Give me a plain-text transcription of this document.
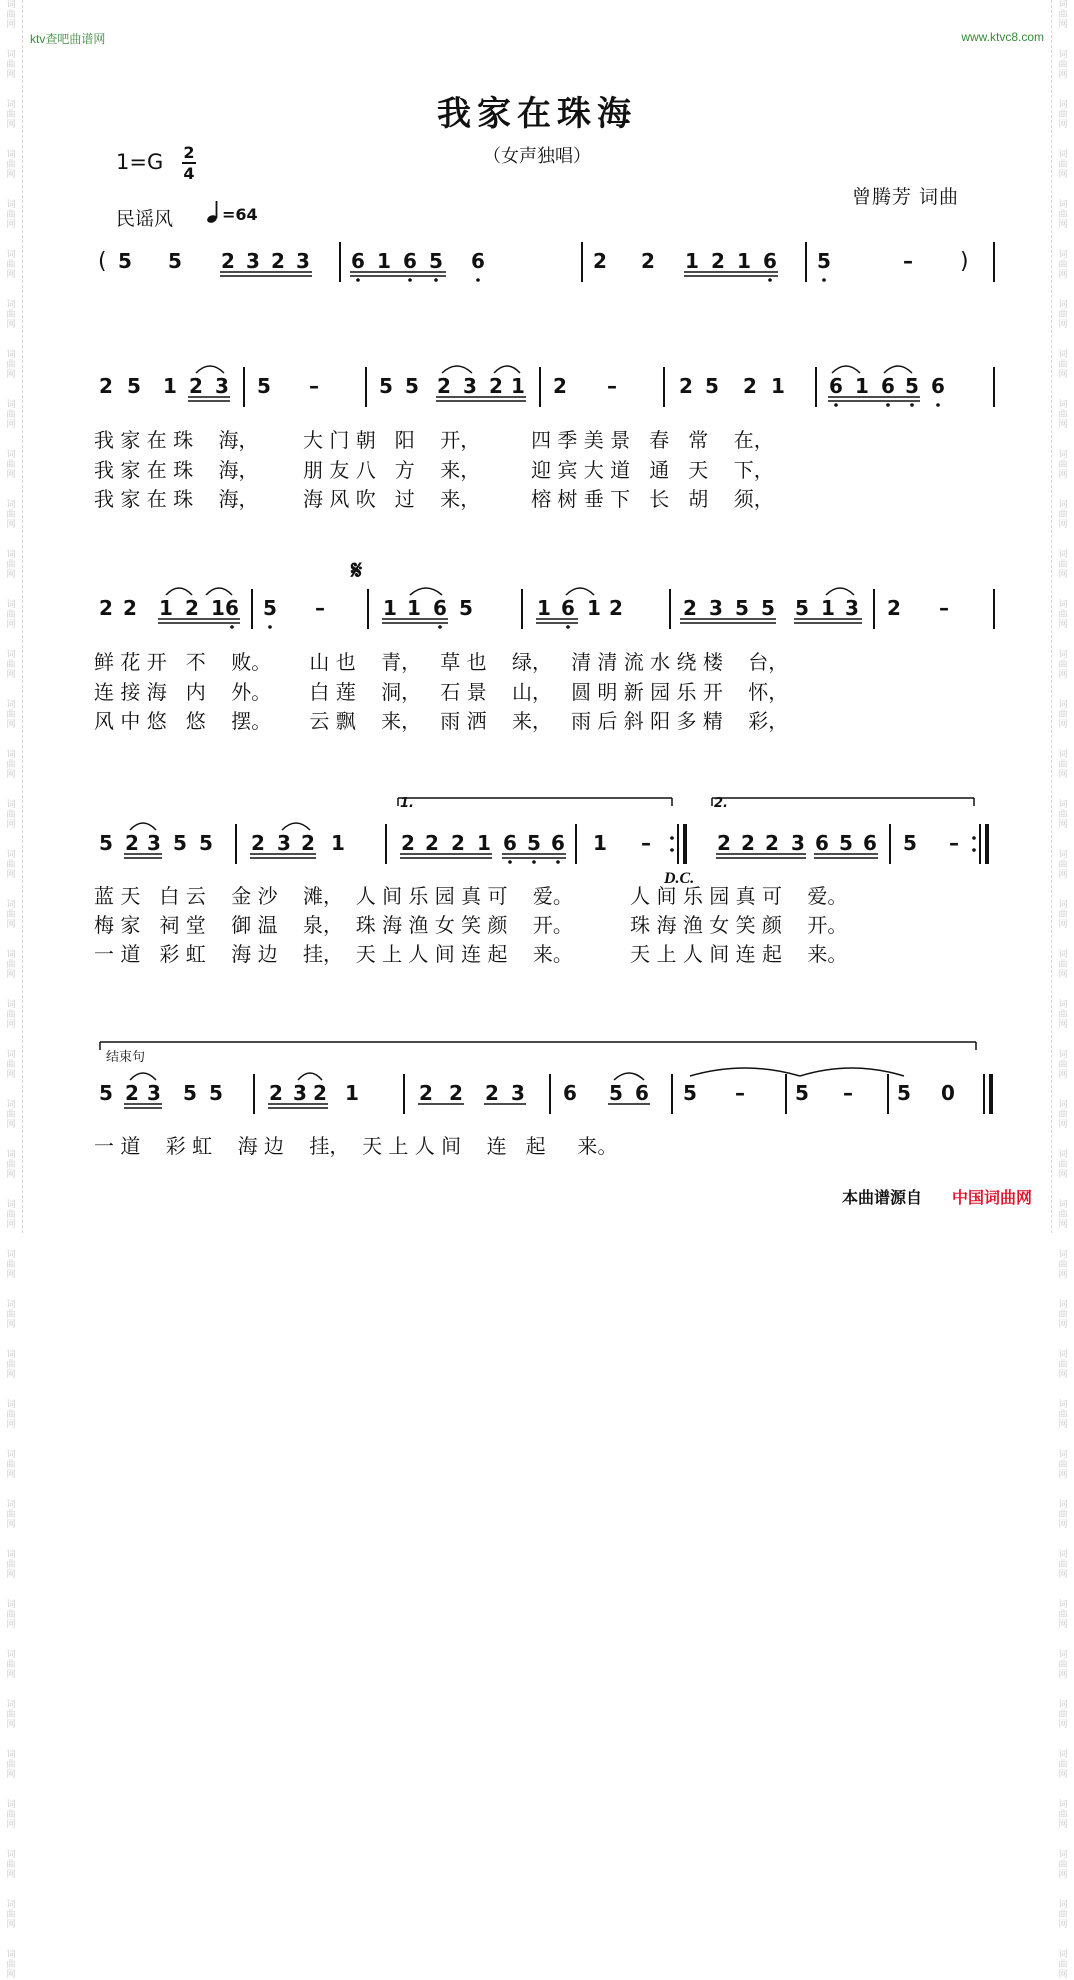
词
曲
网

词
曲
网

词
曲
网

词
曲
网

词
曲
网

词
曲
网

词
曲
网

词
曲
网

词
曲
网

词
曲
网

词
曲
网

词
曲
网

词
曲
网

词
曲
网

词
曲
网

词
曲
网

词
曲
网

词
曲
网

词
曲
网

词
曲
网

词
曲
网

词
曲
网

词
曲
网

词
曲
网

词
曲
网

词
曲
网

词
曲
网

词
曲
网

词
曲
网

词
曲
网

词
曲
网

词
曲
网

词
曲
网

词
曲
网

词
曲
网

词
曲
网

词
曲
网

词
曲
网

词
曲
网

词
曲
网

词
曲
网

词
曲
网

词
曲
网

词
曲
网

词
曲
网

词
曲
网

词
曲
网

词
曲
网

词
曲
网

词
曲
网

词
曲
网

词
曲
网

词
曲
网

词
曲
网

词
曲
网

词
曲
网

词
曲
网

词
曲
网

词
曲
网

词
曲
网

词
曲
网

词
曲
网

词
曲
网

词
曲
网

词
曲
网

词
曲
网

词
曲
网

词
曲
网

词
曲
网

词
曲
网

词
曲
网

词
曲
网

词
曲
网

词
曲
网

词
曲
网

词
曲
网

词
曲
网

词
曲
网

词
曲
网

词
曲
网

ktv查吧曲谱网	www.ktvc8.com
我家在珠海
（女声独唱）
1=G 2
4
民谣风	=64
曾腾芳 词曲
𝄋
D.C.
1.	2.
结束句
( 5 5 2 3 2 3 6 1 6 5 6	2 2 1 2 1 6 5	– )
2 5 1 2 3 5 –	5 5 2 3 2 1 2 –	2 5 2 1 6 1 6 5 6
2 2 1 2 1 6 5 –	1 1 6 5	1 6 1 2	2 3 5 5 5 1 3 2 –
5 2 3 5 5 2 3 2 1	2 2 2 1 6 5 6 1 –	2 2 2 3 6 5 6 5 –
5 2 3 5 5 2 3 2 1	2 2 2 3 6 5 6 5 –	5 – 5 0
我 家 在 珠    海，       大 门 朝   阳    开，        四 季 美 景   春   常    在，
我 家 在 珠    海，       朋 友 八   方    来，        迎 宾 大 道   通   天    下，
我 家 在 珠    海，       海 风 吹   过    来，        榕 树 垂 下   长   胡    须，
鲜 花 开   不    败。      山 也    青，   草 也    绿，   清 清 流 水 绕 楼    台，
连 接 海   内    外。      白 莲    洞，   石 景    山，   圆 明 新 园 乐 开    怀，
风 中 悠   悠    摆。      云 飘    来，   雨 洒    来，   雨 后 斜 阳 多 精    彩，
蓝 天   白 云    金 沙    滩，  人 间 乐 园 真 可    爱。         人 间 乐 园 真 可    爱。
梅 家   祠 堂    御 温    泉，  珠 海 渔 女 笑 颜    开。         珠 海 渔 女 笑 颜    开。
一 道   彩 虹    海 边    挂，  天 上 人 间 连 起    来。         天 上 人 间 连 起    来。
一 道    彩 虹    海 边    挂，  天 上 人 间    连   起     来。
本曲谱源自 中国词曲网
